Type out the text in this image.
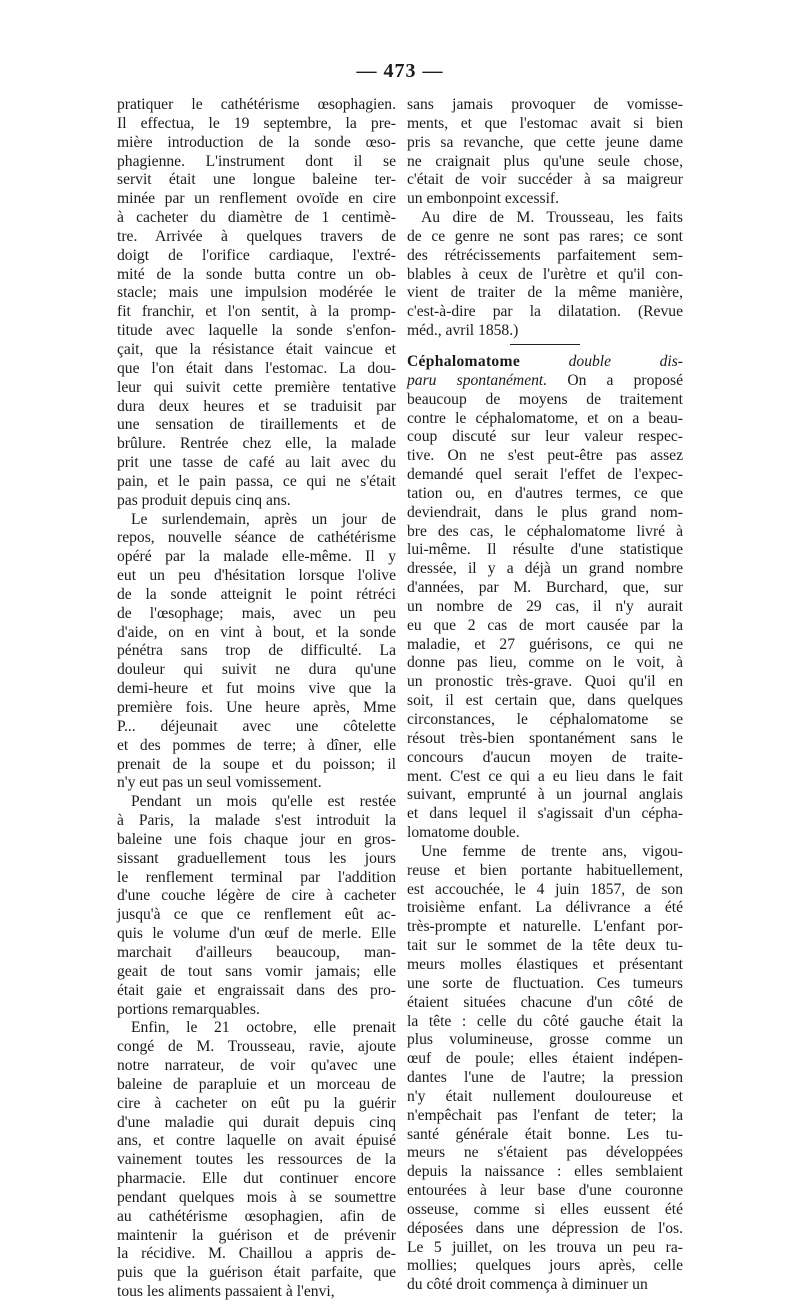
— 473 —
pratiquer le cathétérisme œsophagien.
Il effectua, le 19 septembre, la pre-
mière introduction de la sonde œso-
phagienne. L'instrument dont il se
servit était une longue baleine ter-
minée par un renflement ovoïde en cire
à cacheter du diamètre de 1 centimè-
tre. Arrivée à quelques travers de
doigt de l'orifice cardiaque, l'extré-
mité de la sonde butta contre un ob-
stacle; mais une impulsion modérée le
fit franchir, et l'on sentit, à la promp-
titude avec laquelle la sonde s'enfon-
çait, que la résistance était vaincue et
que l'on était dans l'estomac. La dou-
leur qui suivit cette première tentative
dura deux heures et se traduisit par
une sensation de tiraillements et de
brûlure. Rentrée chez elle, la malade
prit une tasse de café au lait avec du
pain, et le pain passa, ce qui ne s'était
pas produit depuis cinq ans.
Le surlendemain, après un jour de
repos, nouvelle séance de cathétérisme
opéré par la malade elle-même. Il y
eut un peu d'hésitation lorsque l'olive
de la sonde atteignit le point rétréci
de l'œsophage; mais, avec un peu
d'aide, on en vint à bout, et la sonde
pénétra sans trop de difficulté. La
douleur qui suivit ne dura qu'une
demi-heure et fut moins vive que la
première fois. Une heure après, Mme
P... déjeunait avec une côtelette
et des pommes de terre; à dîner, elle
prenait de la soupe et du poisson; il
n'y eut pas un seul vomissement.
Pendant un mois qu'elle est restée
à Paris, la malade s'est introduit la
baleine une fois chaque jour en gros-
sissant graduellement tous les jours
le renflement terminal par l'addition
d'une couche légère de cire à cacheter
jusqu'à ce que ce renflement eût ac-
quis le volume d'un œuf de merle. Elle
marchait d'ailleurs beaucoup, man-
geait de tout sans vomir jamais; elle
était gaie et engraissait dans des pro-
portions remarquables.
Enfin, le 21 octobre, elle prenait
congé de M. Trousseau, ravie, ajoute
notre narrateur, de voir qu'avec une
baleine de parapluie et un morceau de
cire à cacheter on eût pu la guérir
d'une maladie qui durait depuis cinq
ans, et contre laquelle on avait épuisé
vainement toutes les ressources de la
pharmacie. Elle dut continuer encore
pendant quelques mois à se soumettre
au cathétérisme œsophagien, afin de
maintenir la guérison et de prévenir
la récidive. M. Chaillou a appris de-
puis que la guérison était parfaite, que
tous les aliments passaient à l'envi,
sans jamais provoquer de vomisse-
ments, et que l'estomac avait si bien
pris sa revanche, que cette jeune dame
ne craignait plus qu'une seule chose,
c'était de voir succéder à sa maigreur
un embonpoint excessif.
Au dire de M. Trousseau, les faits
de ce genre ne sont pas rares; ce sont
des rétrécissements parfaitement sem-
blables à ceux de l'urètre et qu'il con-
vient de traiter de la même manière,
c'est-à-dire par la dilatation. (Revue
méd., avril 1858.)
Céphalomatome double dis-
paru spontanément. On a proposé
beaucoup de moyens de traitement
contre le céphalomatome, et on a beau-
coup discuté sur leur valeur respec-
tive. On ne s'est peut-être pas assez
demandé quel serait l'effet de l'expec-
tation ou, en d'autres termes, ce que
deviendrait, dans le plus grand nom-
bre des cas, le céphalomatome livré à
lui-même. Il résulte d'une statistique
dressée, il y a déjà un grand nombre
d'années, par M. Burchard, que, sur
un nombre de 29 cas, il n'y aurait
eu que 2 cas de mort causée par la
maladie, et 27 guérisons, ce qui ne
donne pas lieu, comme on le voit, à
un pronostic très-grave. Quoi qu'il en
soit, il est certain que, dans quelques
circonstances, le céphalomatome se
résout très-bien spontanément sans le
concours d'aucun moyen de traite-
ment. C'est ce qui a eu lieu dans le fait
suivant, emprunté à un journal anglais
et dans lequel il s'agissait d'un cépha-
lomatome double.
Une femme de trente ans, vigou-
reuse et bien portante habituellement,
est accouchée, le 4 juin 1857, de son
troisième enfant. La délivrance a été
très-prompte et naturelle. L'enfant por-
tait sur le sommet de la tête deux tu-
meurs molles élastiques et présentant
une sorte de fluctuation. Ces tumeurs
étaient situées chacune d'un côté de
la tête : celle du côté gauche était la
plus volumineuse, grosse comme un
œuf de poule; elles étaient indépen-
dantes l'une de l'autre; la pression
n'y était nullement douloureuse et
n'empêchait pas l'enfant de teter; la
santé générale était bonne. Les tu-
meurs ne s'étaient pas développées
depuis la naissance : elles semblaient
entourées à leur base d'une couronne
osseuse, comme si elles eussent été
déposées dans une dépression de l'os.
Le 5 juillet, on les trouva un peu ra-
mollies; quelques jours après, celle
du côté droit commença à diminuer un
